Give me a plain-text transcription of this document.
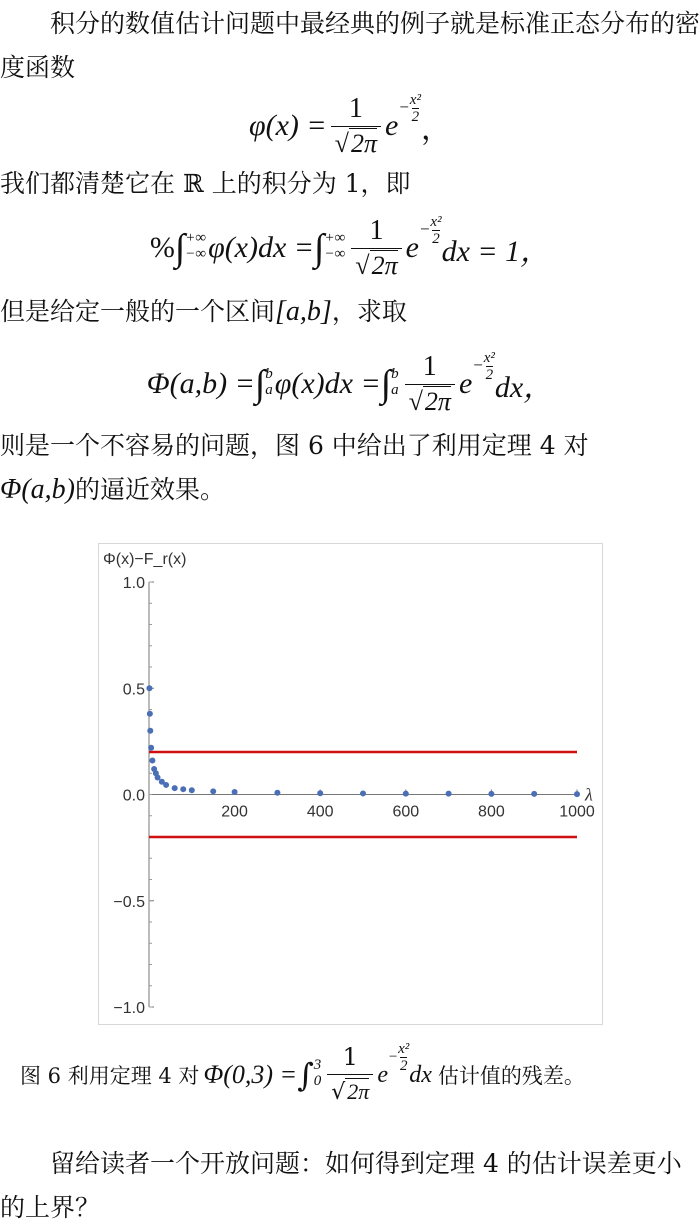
积分的数值估计问题中最经典的例子就是标准正态分布的密度函数

$\varphi(x) = \frac{1}{√2\pi}$ e
− $\frac{\text{x²}}{2}$
，

我们都清楚它在 ℝ 上的积分为 1，即

% ∫ +∞
−∞ φ(x)dx = ∫ +∞
−∞ $\frac{1}{√2\pi}$ e
− $\frac{\text{x²}}{2}$
dx = 1，

但是给定一般的一个区间[a,b]，求取

Φ(a,b) = ∫ b
a φ(x)dx = ∫ b
a $\frac{1}{√2\pi}$ e
− $\frac{\text{x²}}{2}$
dx，

则是一个不容易的问题，图 6 中给出了利用定理 4 对
Φ(a,b)的逼近效果。

1.0
0.5
0.0
−0.5
−1.0
200	400	600	800	1000
Φ(x)−F_r(x)
λ
图 6 利用定理 4 对 Φ(0,3) = ∫ 3
$0 \frac{1}{√2\pi}$ e
− $\frac{\text{x²}}{2}$
dx 估计值的残差。

留给读者一个开放问题：如何得到定理 4 的估计误差更小的上界？
